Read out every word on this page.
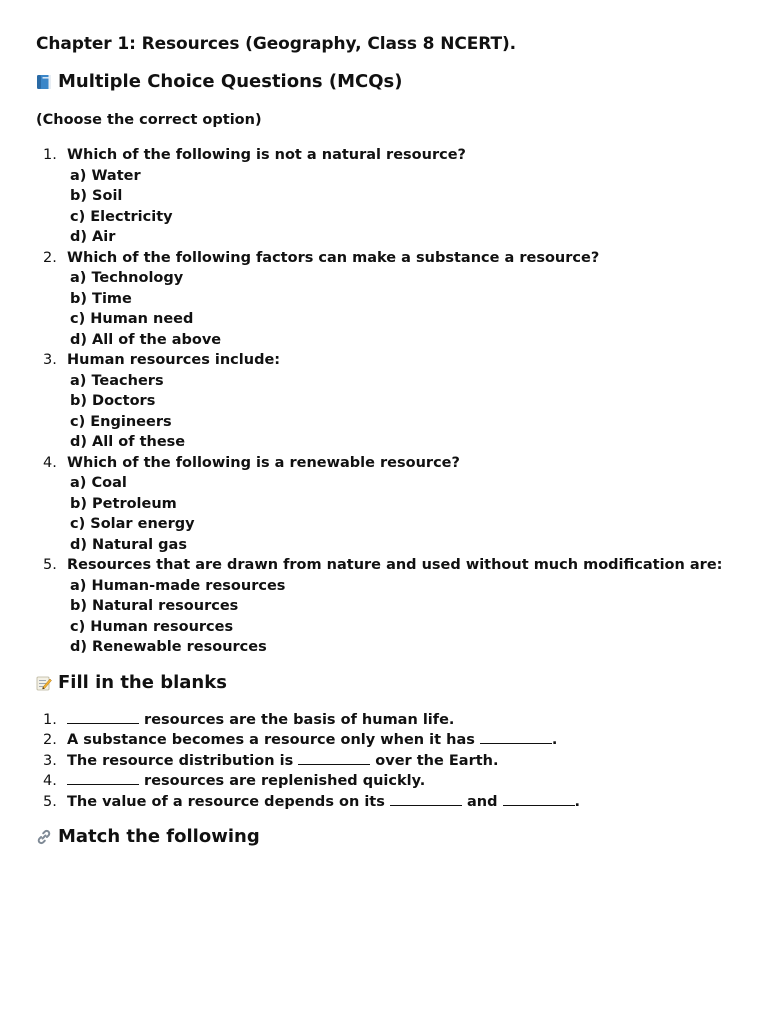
Chapter 1: Resources (Geography, Class 8 NCERT).
Multiple Choice Questions (MCQs)

(Choose the correct option)

1. Which of the following is not a natural resource?
a) Water
b) Soil
c) Electricity
d) Air
2. Which of the following factors can make a substance a resource?
a) Technology
b) Time
c) Human need
d) All of the above
3. Human resources include:
a) Teachers
b) Doctors
c) Engineers
d) All of these
4. Which of the following is a renewable resource?
a) Coal
b) Petroleum
c) Solar energy
d) Natural gas
5. Resources that are drawn from nature and used without much modification are:
a) Human-made resources
b) Natural resources
c) Human resources
d) Renewable resources
Fill in the blanks
1.	resources are the basis of human life.
2. A substance becomes a resource only when it has	.
3. The resource distribution is	over the Earth.
4.	resources are replenished quickly.
5. The value of a resource depends on its	and	.
Match the following
